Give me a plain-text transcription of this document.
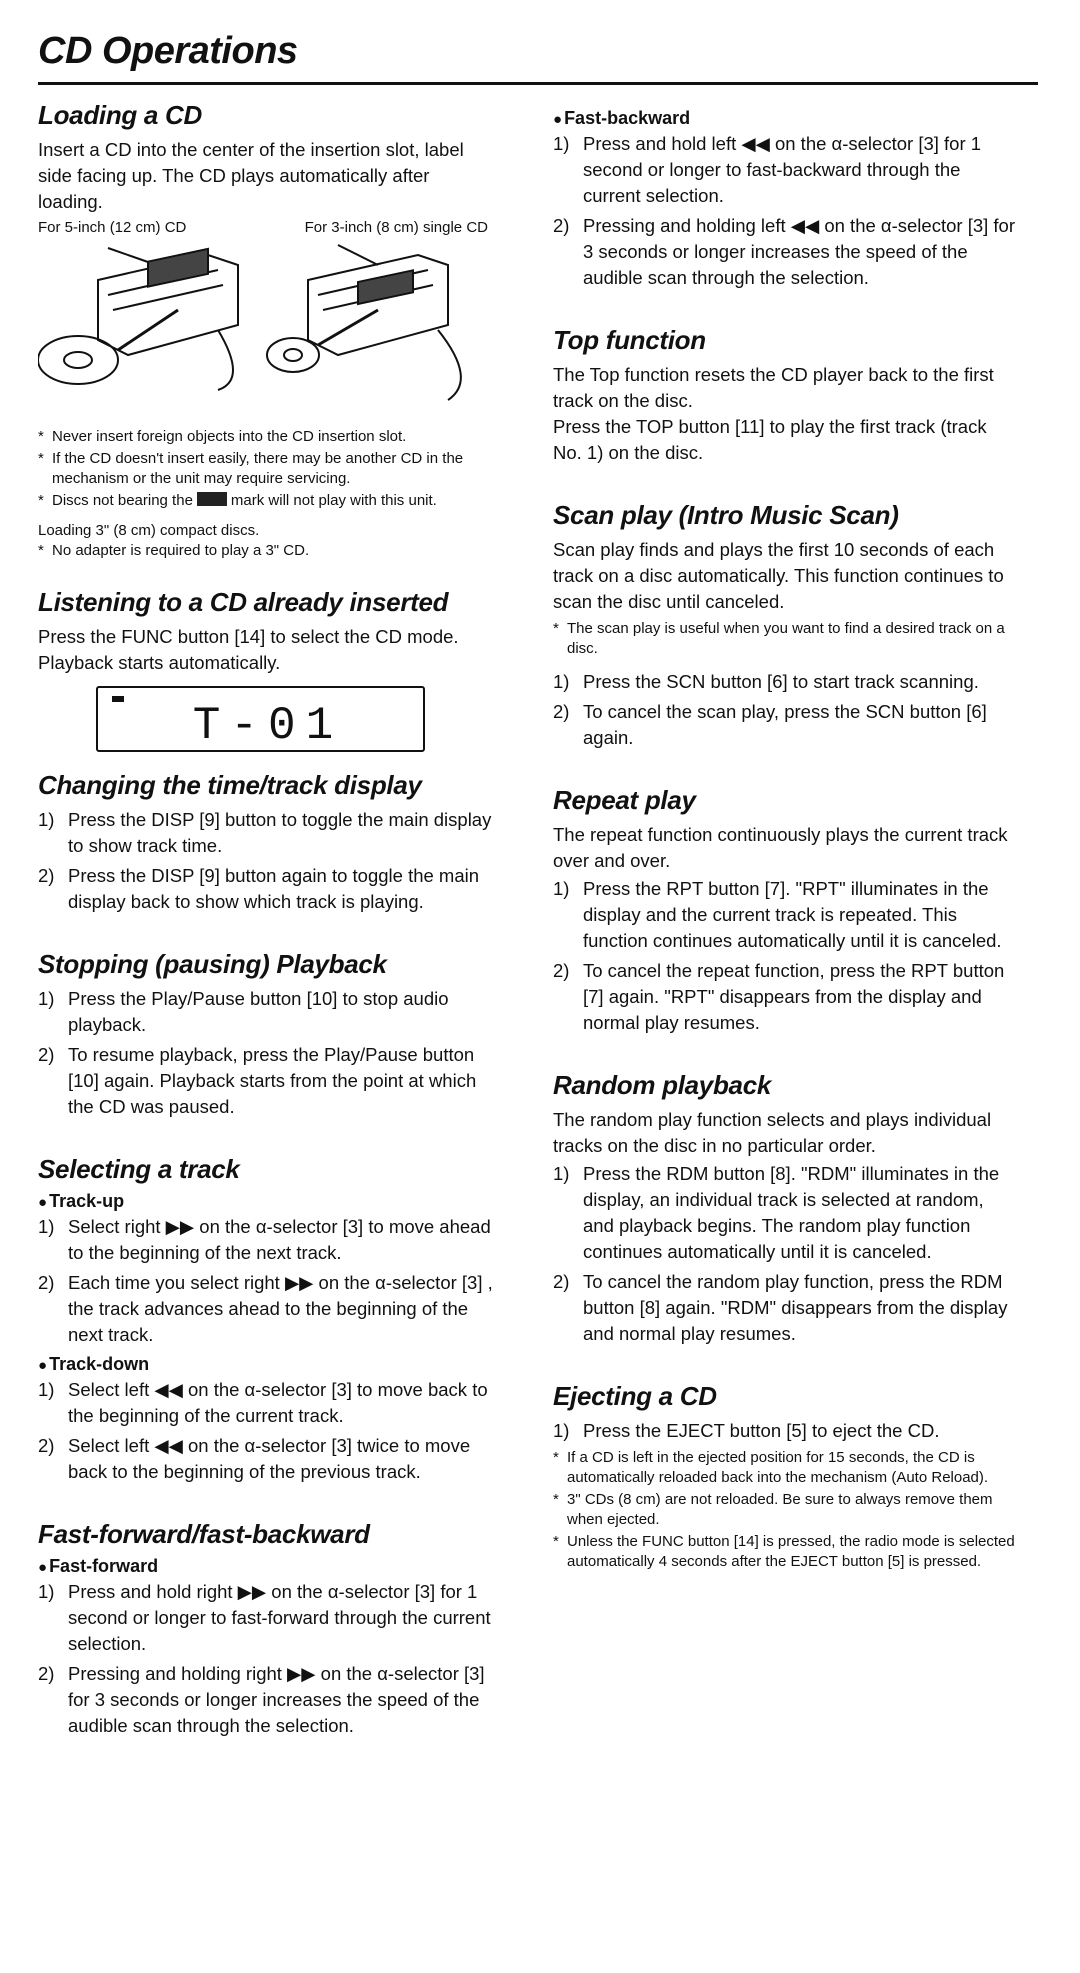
CD Operations
Loading a CD

Insert a CD into the center of the insertion slot, label side facing up. The CD plays automatically after loading.

For 5-inch (12 cm) CD	For 3-inch (8 cm) single CD
* Never insert foreign objects into the CD insertion slot.
* If the CD doesn't insert easily, there may be another CD in the mechanism or the unit may require servicing.
* Discs not bearing the	mark will not play with this unit.

Loading 3" (8 cm) compact discs.

* No adapter is required to play a 3" CD.
Listening to a CD already inserted

Press the FUNC button [14] to select the CD mode. Playback starts automatically.

T-01
Changing the time/track display
1) Press the DISP [9] button to toggle the main display to show track time.
2) Press the DISP [9] button again to toggle the main display back to show which track is playing.
Stopping (pausing) Playback
1) Press the Play/Pause button [10] to stop audio playback.
2) To resume playback, press the Play/Pause button [10] again. Playback starts from the point at which the CD was paused.
Selecting a track
● Track-up
1) Select right ▶▶ on the α-selector [3] to move ahead to the beginning of the next track.
2) Each time you select right ▶▶ on the α-selector [3] , the track advances ahead to the beginning of the next track.
● Track-down
1) Select left ◀◀ on the α-selector [3] to move back to the beginning of the current track.
2) Select left ◀◀ on the α-selector [3] twice to move back to the beginning of the previous track.
Fast-forward/fast-backward
● Fast-forward
1) Press and hold right ▶▶ on the α-selector [3] for 1 second or longer to fast-forward through the current selection.
2) Pressing and holding right ▶▶ on the α-selector [3] for 3 seconds or longer increases the speed of the audible scan through the selection.
● Fast-backward
1) Press and hold left ◀◀ on the α-selector [3] for 1 second or longer to fast-backward through the current selection.
2) Pressing and holding left ◀◀ on the α-selector [3] for 3 seconds or longer increases the speed of the audible scan through the selection.
Top function

The Top function resets the CD player back to the first track on the disc.

Press the TOP button [11] to play the first track (track No. 1) on the disc.

Scan play (Intro Music Scan)

Scan play finds and plays the first 10 seconds of each track on a disc automatically. This function continues to scan the disc until canceled.

* The scan play is useful when you want to find a desired track on a disc.
1) Press the SCN button [6] to start track scanning.
2) To cancel the scan play, press the SCN button [6] again.
Repeat play

The repeat function continuously plays the current track over and over.

1) Press the RPT button [7]. "RPT" illuminates in the display and the current track is repeated. This function continues automatically until it is canceled.
2) To cancel the repeat function, press the RPT button [7] again. "RPT" disappears from the display and normal play resumes.
Random playback

The random play function selects and plays individual tracks on the disc in no particular order.

1) Press the RDM button [8]. "RDM" illuminates in the display, an individual track is selected at random, and playback begins. The random play function continues automatically until it is canceled.
2) To cancel the random play function, press the RDM button [8] again. "RDM" disappears from the display and normal play resumes.
Ejecting a CD
1) Press the EJECT button [5] to eject the CD.
* If a CD is left in the ejected position for 15 seconds, the CD is automatically reloaded back into the mechanism (Auto Reload).
* 3" CDs (8 cm) are not reloaded. Be sure to always remove them when ejected.
* Unless the FUNC button [14] is pressed, the radio mode is selected automatically 4 seconds after the EJECT button [5] is pressed.
